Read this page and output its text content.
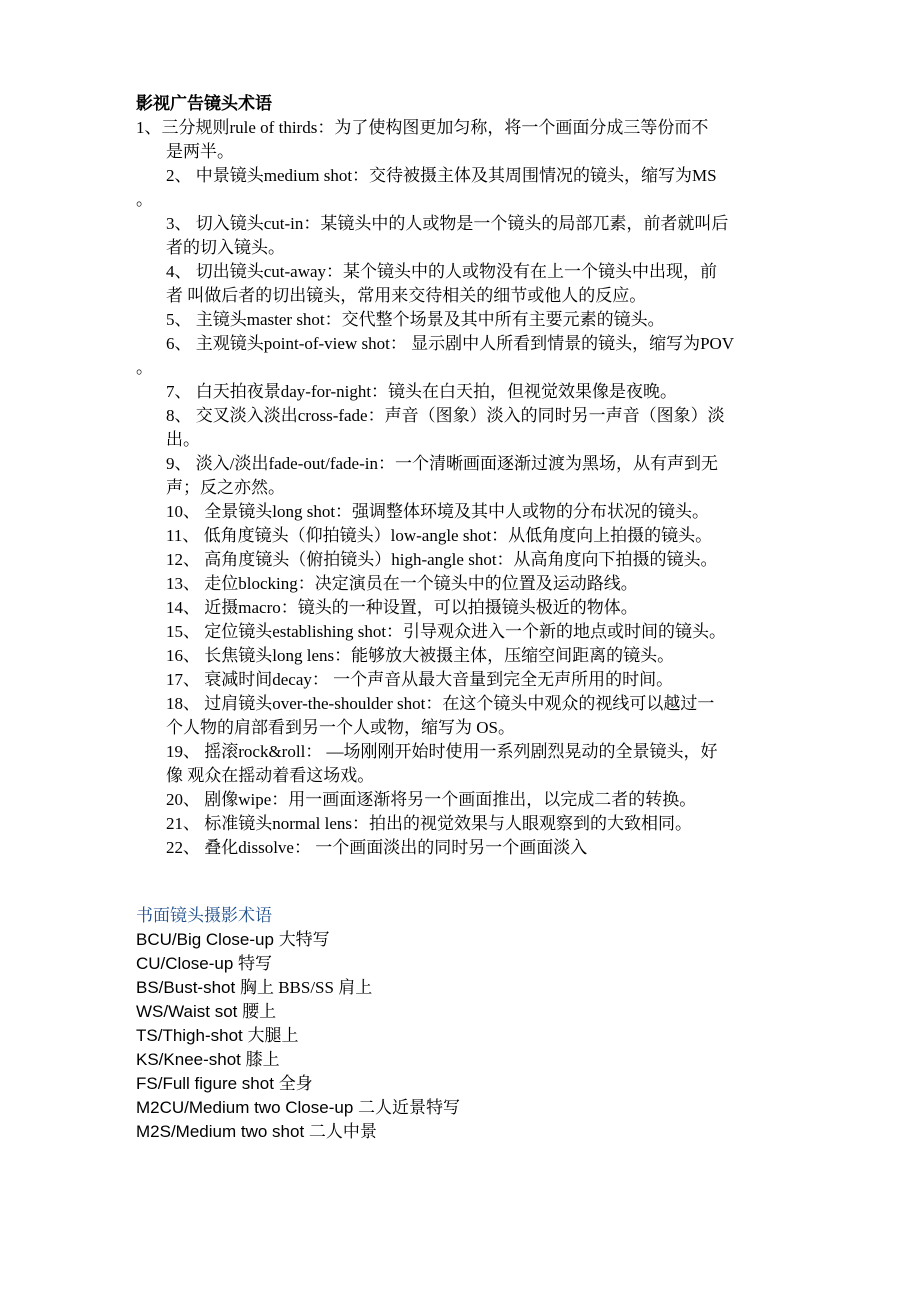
影视广告镜头术语
1、三分规则rule of thirds：为了使构图更加匀称，将一个画面分成三等份而不
是两半。
2、 中景镜头medium shot：交待被摄主体及其周围情况的镜头，缩写为MS
。
3、 切入镜头cut-in：某镜头中的人或物是一个镜头的局部兀素，前者就叫后
者的切入镜头。
4、 切出镜头cut-away：某个镜头中的人或物没有在上一个镜头中出现，前
者 叫做后者的切出镜头，常用来交待相关的细节或他人的反应。
5、 主镜头master shot：交代整个场景及其中所有主要元素的镜头。
6、 主观镜头point-of-view shot： 显示剧中人所看到情景的镜头，缩写为POV
。
7、 白天拍夜景day-for-night：镜头在白天拍，但视觉效果像是夜晚。
8、 交叉淡入淡出cross-fade：声音（图象）淡入的同时另一声音（图象）淡
出。
9、 淡入/淡出fade-out/fade-in：一个清晰画面逐渐过渡为黑场，从有声到无
声；反之亦然。
10、 全景镜头long shot：强调整体环境及其中人或物的分布状况的镜头。
11、 低角度镜头（仰拍镜头）low-angle shot：从低角度向上拍摄的镜头。
12、 高角度镜头（俯拍镜头）high-angle shot：从高角度向下拍摄的镜头。
13、 走位blocking：决定演员在一个镜头中的位置及运动路线。
14、 近摄macro：镜头的一种设置，可以拍摄镜头极近的物体。
15、 定位镜头establishing shot：引导观众进入一个新的地点或时间的镜头。
16、 长焦镜头long lens：能够放大被摄主体，压缩空间距离的镜头。
17、 衰减时间decay： 一个声音从最大音量到完全无声所用的时间。
18、 过肩镜头over-the-shoulder shot：在这个镜头中观众的视线可以越过一
个人物的肩部看到另一个人或物，缩写为 OS。
19、 摇滚rock&roll： —场刚刚开始时使用一系列剧烈晃动的全景镜头，好
像 观众在摇动着看这场戏。
20、 剧像wipe：用一画面逐渐将另一个画面推出，以完成二者的转换。
21、 标准镜头normal lens：拍出的视觉效果与人眼观察到的大致相同。
22、 叠化dissolve： 一个画面淡出的同时另一个画面淡入
书面镜头摄影术语
BCU/Big Close-up 大特写
CU/Close-up 特写
BS/Bust-shot 胸上 BBS/SS 肩上
WS/Waist sot 腰上
TS/Thigh-shot 大腿上
KS/Knee-shot 膝上
FS/Full figure shot 全身
M2CU/Medium two Close-up 二人近景特写
M2S/Medium two shot 二人中景
